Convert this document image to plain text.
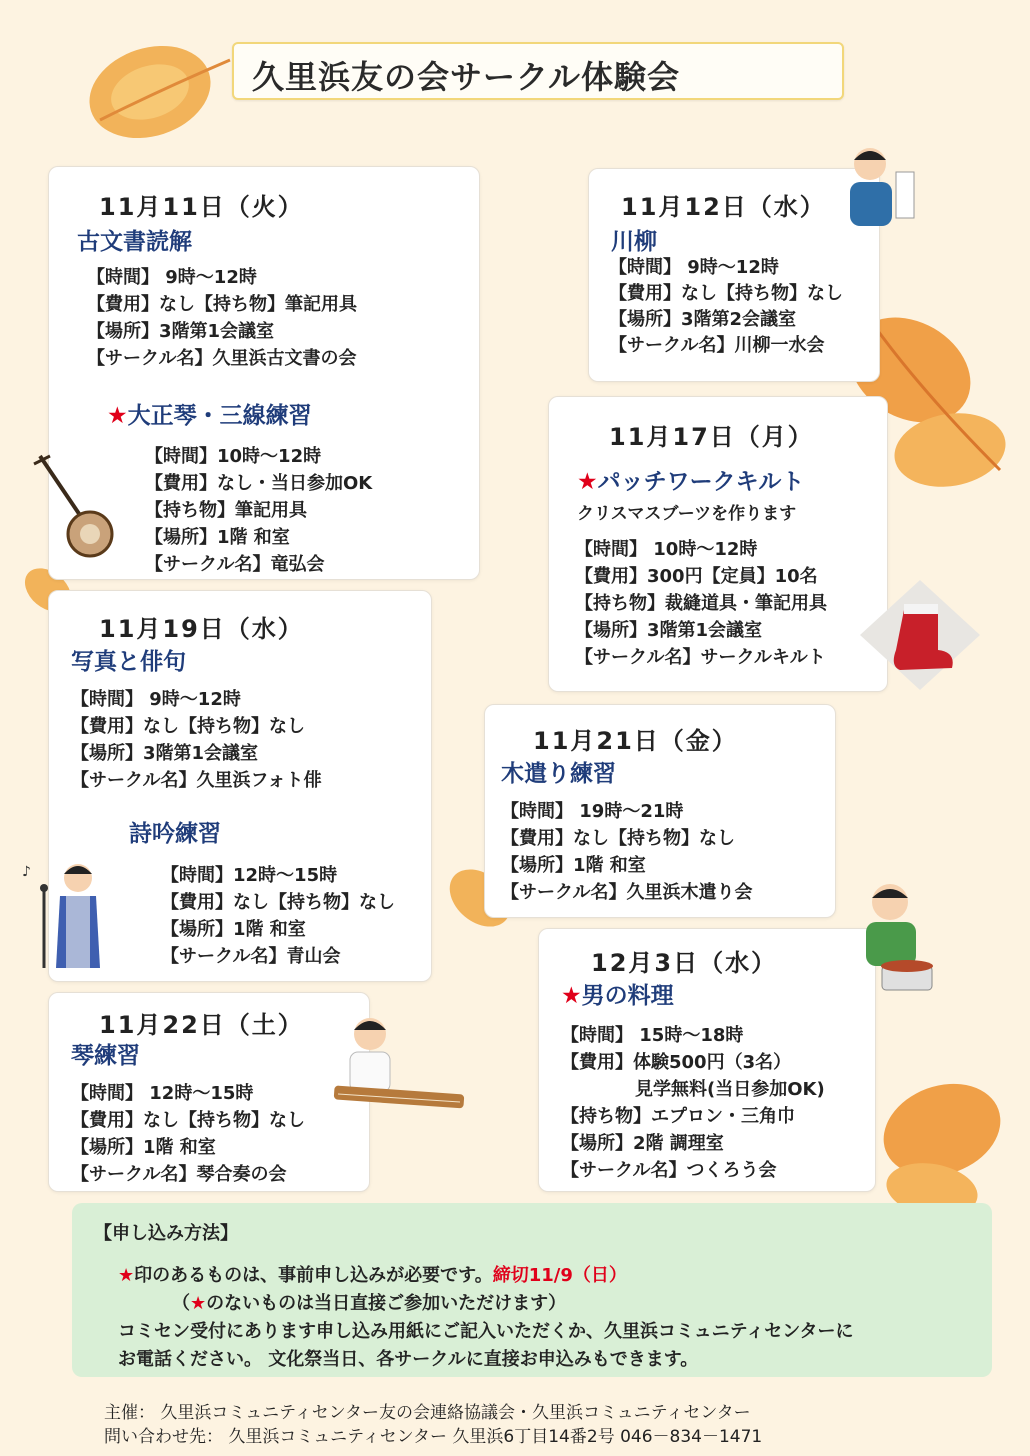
久里浜友の会サークル体験会
11月11日（火）
古文書読解
【時間】 9時～12時
【費用】なし【持ち物】筆記用具
【場所】3階第1会議室
【サークル名】久里浜古文書の会
★大正琴・三線練習
【時間】10時～12時
【費用】なし・当日参加OK
【持ち物】筆記用具
【場所】1階 和室
【サークル名】竜弘会
11月12日（水）
川柳
【時間】 9時～12時
【費用】なし【持ち物】なし
【場所】3階第2会議室
【サークル名】川柳一水会
11月17日（月）
★パッチワークキルト
クリスマスブーツを作ります
【時間】 10時～12時
【費用】300円【定員】10名
【持ち物】裁縫道具・筆記用具
【場所】3階第1会議室
【サークル名】サークルキルト
11月19日（水）
写真と俳句
【時間】 9時～12時
【費用】なし【持ち物】なし
【場所】3階第1会議室
【サークル名】久里浜フォト俳
詩吟練習
【時間】12時～15時
【費用】なし【持ち物】なし
【場所】1階 和室
【サークル名】青山会
♪
11月21日（金）
木遣り練習
【時間】 19時～21時
【費用】なし【持ち物】なし
【場所】1階 和室
【サークル名】久里浜木遣り会
11月22日（土）
琴練習
【時間】 12時～15時
【費用】なし【持ち物】なし
【場所】1階 和室
【サークル名】琴合奏の会
12月3日（水）
★男の料理
【時間】 15時～18時
【費用】体験500円（3名）
見学無料(当日参加OK)
【持ち物】エプロン・三角巾
【場所】2階 調理室
【サークル名】つくろう会
【申し込み方法】
★印のあるものは、事前申し込みが必要です。締切11/9（日）
（★のないものは当日直接ご参加いただけます）
コミセン受付にあります申し込み用紙にご記入いただくか、久里浜コミュニティセンターに
お電話ください。 文化祭当日、各サークルに直接お申込みもできます。
主催： 久里浜コミュニティセンター友の会連絡協議会・久里浜コミュニティセンター
問い合わせ先： 久里浜コミュニティセンター 久里浜6丁目14番2号 046－834－1471
